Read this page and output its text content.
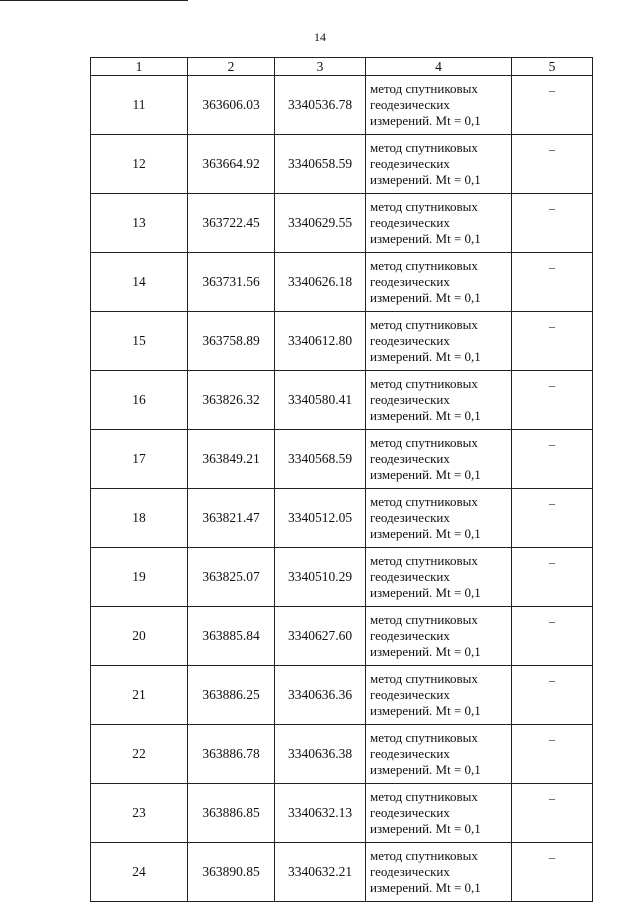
14
1	2	3	4	5
11	363606.03	3340536.78	метод спутниковых
геодезических
измерений. Mt = 0,1	–
12	363664.92	3340658.59	метод спутниковых
геодезических
измерений. Mt = 0,1	–
13	363722.45	3340629.55	метод спутниковых
геодезических
измерений. Mt = 0,1	–
14	363731.56	3340626.18	метод спутниковых
геодезических
измерений. Mt = 0,1	–
15	363758.89	3340612.80	метод спутниковых
геодезических
измерений. Mt = 0,1	–
16	363826.32	3340580.41	метод спутниковых
геодезических
измерений. Mt = 0,1	–
17	363849.21	3340568.59	метод спутниковых
геодезических
измерений. Mt = 0,1	–
18	363821.47	3340512.05	метод спутниковых
геодезических
измерений. Mt = 0,1	–
19	363825.07	3340510.29	метод спутниковых
геодезических
измерений. Mt = 0,1	–
20	363885.84	3340627.60	метод спутниковых
геодезических
измерений. Mt = 0,1	–
21	363886.25	3340636.36	метод спутниковых
геодезических
измерений. Mt = 0,1	–
22	363886.78	3340636.38	метод спутниковых
геодезических
измерений. Mt = 0,1	–
23	363886.85	3340632.13	метод спутниковых
геодезических
измерений. Mt = 0,1	–
24	363890.85	3340632.21	метод спутниковых
геодезических
измерений. Mt = 0,1	–
